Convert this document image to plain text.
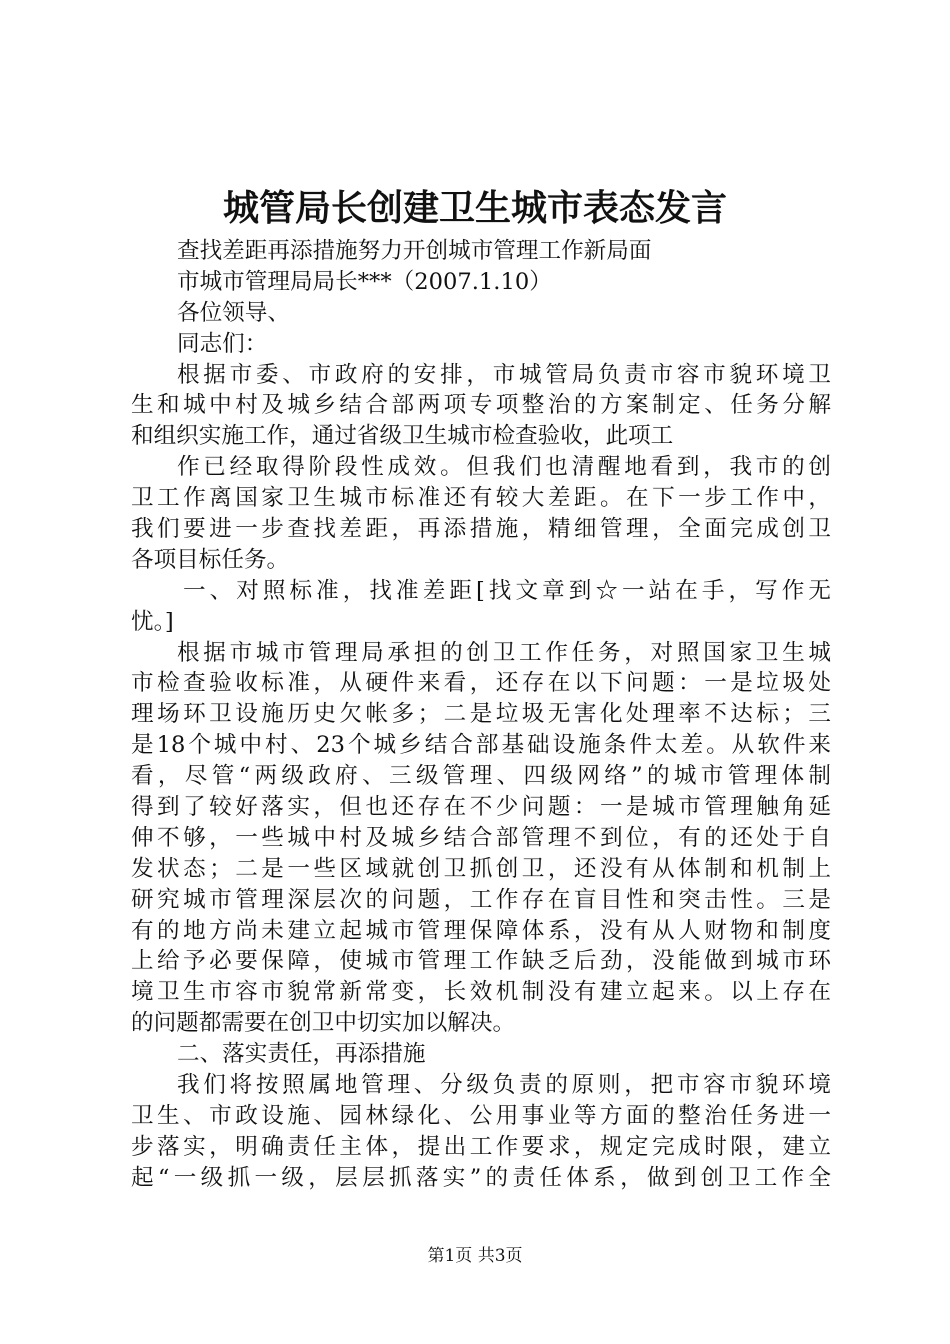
城管局长创建卫生城市表态发言
查找差距再添措施努力开创城市管理工作新局面
市城市管理局局长***（2007.1.10）
各位领导、
同志们：
根据市委、市政府的安排，市城管局负责市容市貌环境卫
生和城中村及城乡结合部两项专项整治的方案制定、任务分解
和组织实施工作，通过省级卫生城市检查验收，此项工
作已经取得阶段性成效。但我们也清醒地看到，我市的创
卫工作离国家卫生城市标准还有较大差距。在下一步工作中，
我们要进一步查找差距，再添措施，精细管理，全面完成创卫
各项目标任务。
一、对照标准，找准差距[找文章到☆一站在手，写作无
忧。]
根据市城市管理局承担的创卫工作任务，对照国家卫生城
市检查验收标准，从硬件来看，还存在以下问题：一是垃圾处
理场环卫设施历史欠帐多；二是垃圾无害化处理率不达标；三
是18个城中村、23个城乡结合部基础设施条件太差。从软件来
看，尽管“两级政府、三级管理、四级网络”的城市管理体制
得到了较好落实，但也还存在不少问题：一是城市管理触角延
伸不够，一些城中村及城乡结合部管理不到位，有的还处于自
发状态；二是一些区域就创卫抓创卫，还没有从体制和机制上
研究城市管理深层次的问题，工作存在盲目性和突击性。三是
有的地方尚未建立起城市管理保障体系，没有从人财物和制度
上给予必要保障，使城市管理工作缺乏后劲，没能做到城市环
境卫生市容市貌常新常变，长效机制没有建立起来。以上存在
的问题都需要在创卫中切实加以解决。
二、落实责任，再添措施
我们将按照属地管理、分级负责的原则，把市容市貌环境
卫生、市政设施、园林绿化、公用事业等方面的整治任务进一
步落实，明确责任主体，提出工作要求，规定完成时限，建立
起“一级抓一级，层层抓落实”的责任体系，做到创卫工作全
第1页 共3页
